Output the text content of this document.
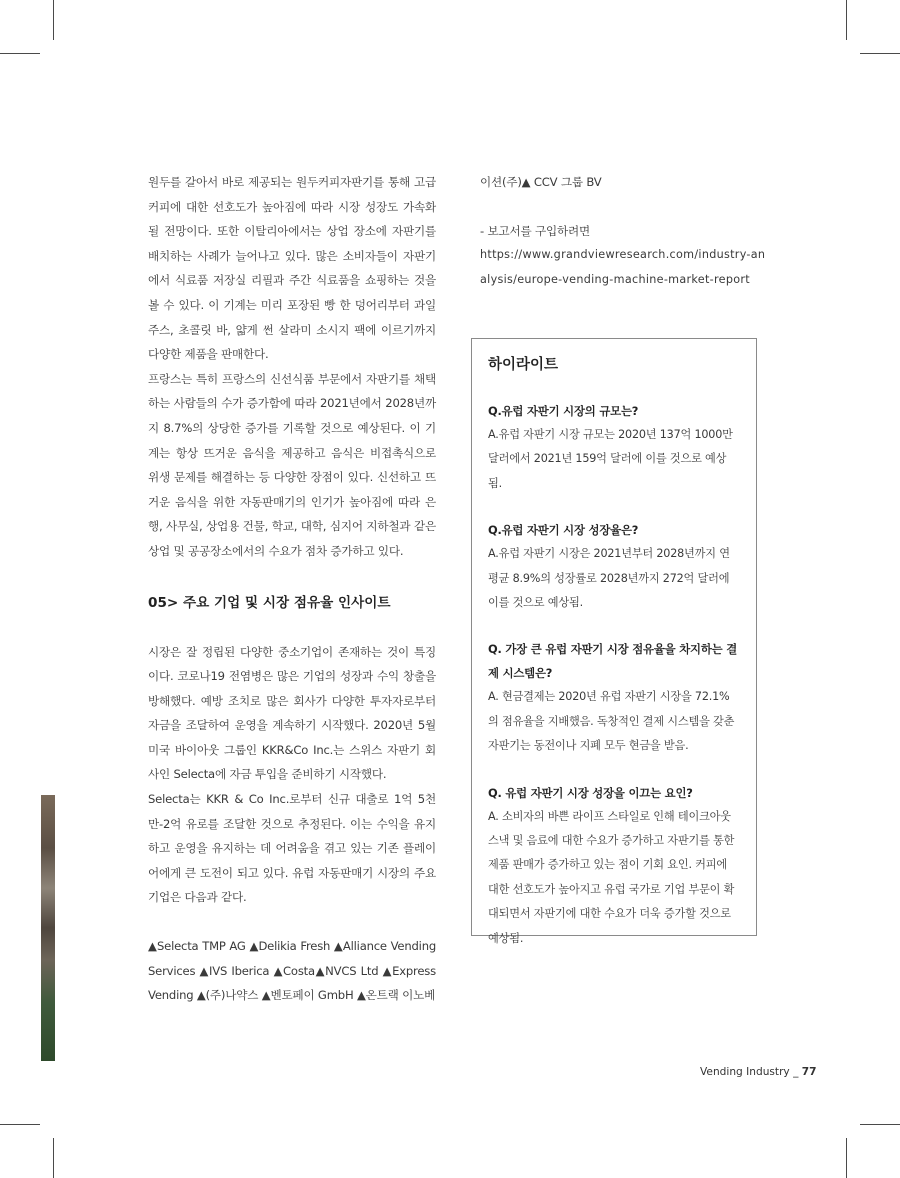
원두를 갈아서 바로 제공되는 원두커피자판기를 통해 고급 커피에 대한 선호도가 높아짐에 따라 시장 성장도 가속화될 전망이다. 또한 이탈리아에서는 상업 장소에 자판기를 배치하는 사례가 늘어나고 있다. 많은 소비자들이 자판기에서 식료품 저장실 리필과 주간 식료품을 쇼핑하는 것을 볼 수 있다. 이 기계는 미리 포장된 빵 한 덩어리부터 과일 주스, 초콜릿 바, 얇게 썬 살라미 소시지 팩에 이르기까지 다양한 제품을 판매한다.

프랑스는 특히 프랑스의 신선식품 부문에서 자판기를 채택하는 사람들의 수가 증가함에 따라 2021년에서 2028년까지 8.7%의 상당한 증가를 기록할 것으로 예상된다. 이 기계는 항상 뜨거운 음식을 제공하고 음식은 비접촉식으로 위생 문제를 해결하는 등 다양한 장점이 있다. 신선하고 뜨거운 음식을 위한 자동판매기의 인기가 높아짐에 따라 은행, 사무실, 상업용 건물, 학교, 대학, 심지어 지하철과 같은 상업 및 공공장소에서의 수요가 점차 증가하고 있다.

05> 주요 기업 및 시장 점유율 인사이트

시장은 잘 정립된 다양한 중소기업이 존재하는 것이 특징이다. 코로나19 전염병은 많은 기업의 성장과 수익 창출을 방해했다. 예방 조치로 많은 회사가 다양한 투자자로부터 자금을 조달하여 운영을 계속하기 시작했다. 2020년 5월 미국 바이아웃 그룹인 KKR&Co Inc.는 스위스 자판기 회사인 Selecta에 자금 투입을 준비하기 시작했다.

Selecta는 KKR & Co Inc.로부터 신규 대출로 1억 5천만-2억 유로를 조달한 것으로 추정된다. 이는 수익을 유지하고 운영을 유지하는 데 어려움을 겪고 있는 기존 플레이어에게 큰 도전이 되고 있다. 유럽 자동판매기 시장의 주요 기업은 다음과 같다.

▲Selecta TMP AG ▲Delikia Fresh ▲Alliance Vending Services ▲IVS Iberica ▲Costa▲NVCS Ltd ▲Express Vending ▲(주)나약스 ▲벤토페이 GmbH ▲온트랙 이노베

이션(주)▲ CCV 그룹 BV

- 보고서를 구입하려면

https://www.grandviewresearch.com/industry-analysis/europe-vending-machine-market-report

하이라이트

Q.유럽 자판기 시장의 규모는?

A.유럽 자판기 시장 규모는 2020년 137억 1000만 달러에서 2021년 159억 달러에 이를 것으로 예상됨.

Q.유럽 자판기 시장 성장율은?

A.유럽 자판기 시장은 2021년부터 2028년까지 연평균 8.9%의 성장률로 2028년까지 272억 달러에 이를 것으로 예상됨.

Q. 가장 큰 유럽 자판기 시장 점유율을 차지하는 결제 시스템은?

A. 현금결제는 2020년 유럽 자판기 시장을 72.1%의 점유율을 지배했음. 독창적인 결제 시스템을 갖춘 자판기는 동전이나 지폐 모두 현금을 받음.

Q. 유럽 자판기 시장 성장을 이끄는 요인?

A. 소비자의 바쁜 라이프 스타일로 인해 테이크아웃 스낵 및 음료에 대한 수요가 증가하고 자판기를 통한 제품 판매가 증가하고 있는 점이 기회 요인. 커피에 대한 선호도가 높아지고 유럽 국가로 기업 부문이 확대되면서 자판기에 대한 수요가 더욱 증가할 것으로 예상됨.

Vending Industry _ 77
